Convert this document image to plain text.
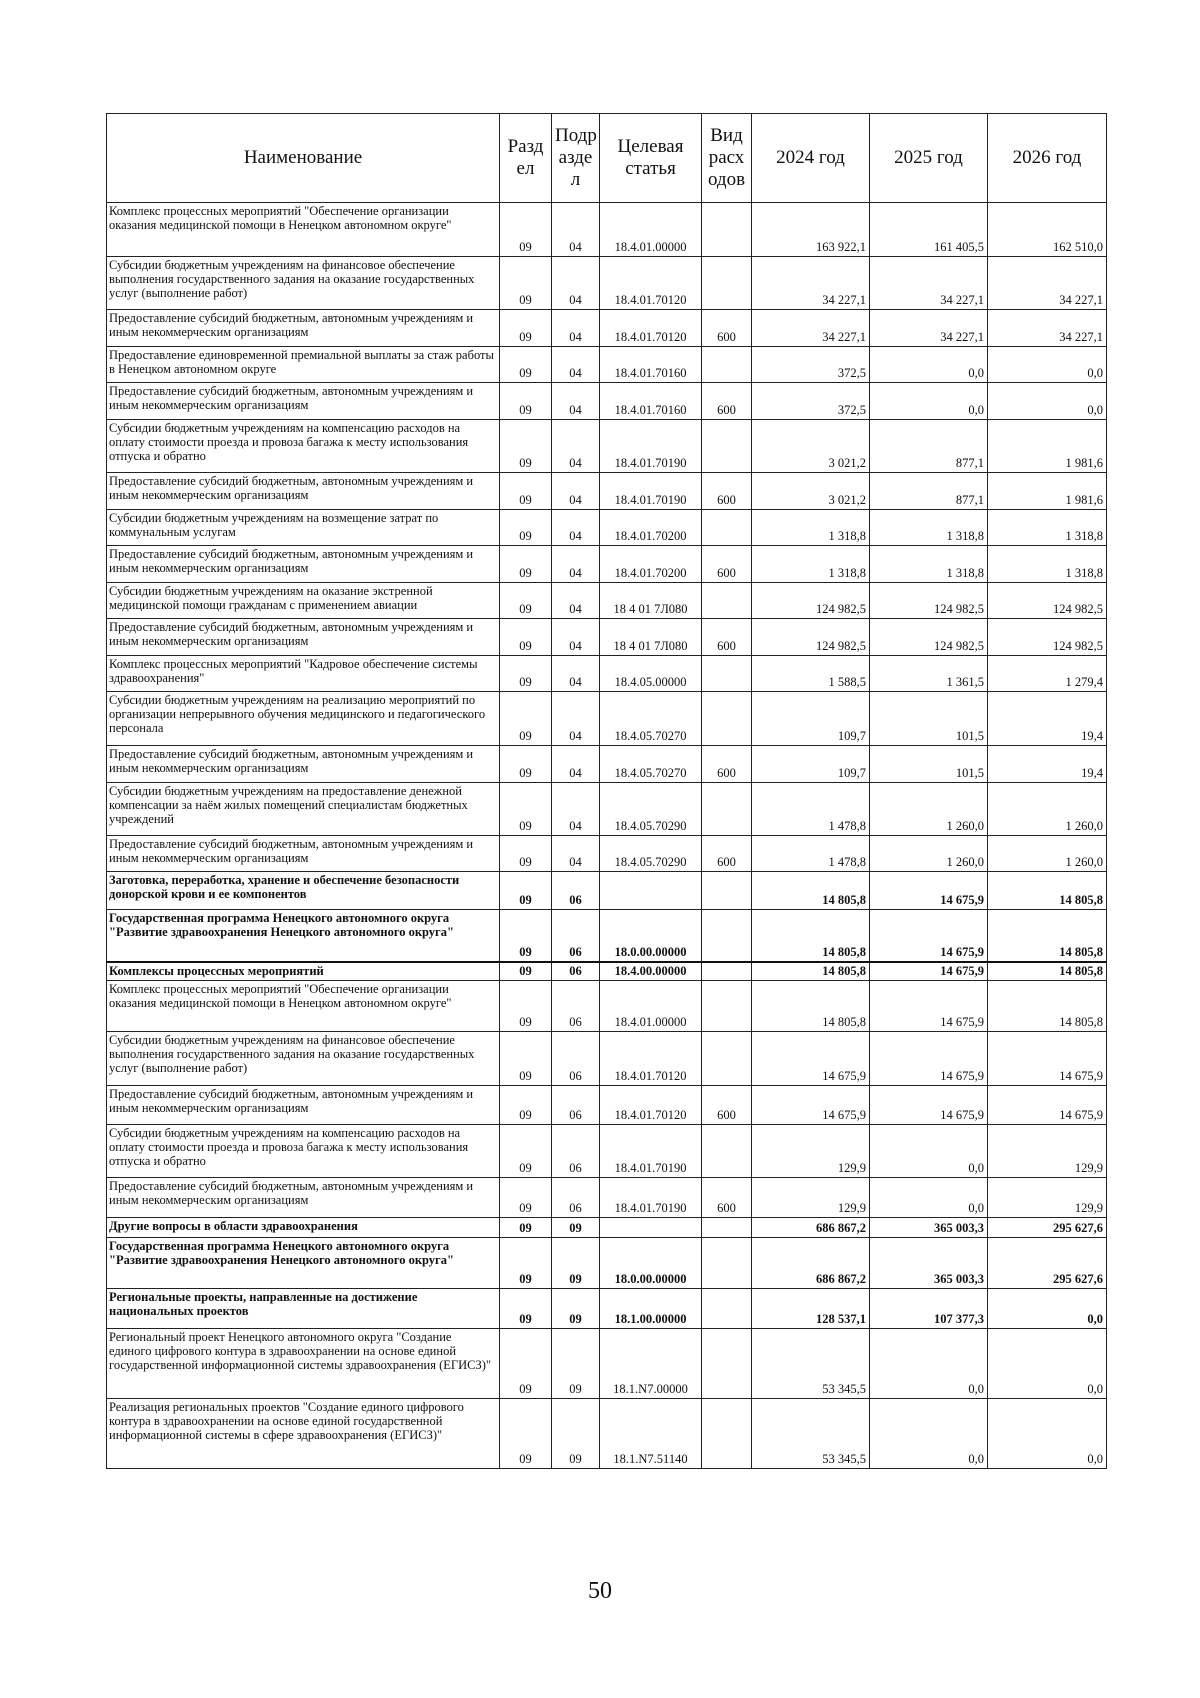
Наименование	Разд ел	Подр азде л	Целевая статья	Вид расх одов	2024 год	2025 год	2026 год
Комплекс процессных мероприятий "Обеспечение организации оказания медицинской помощи в Ненецком автономном округе"	09	04	18.4.01.00000		163 922,1	161 405,5	162 510,0
Субсидии бюджетным учреждениям на финансовое обеспечение выполнения государственного задания на оказание государственных услуг (выполнение работ)	09	04	18.4.01.70120		34 227,1	34 227,1	34 227,1
Предоставление субсидий бюджетным, автономным учреждениям и иным некоммерческим организациям	09	04	18.4.01.70120	600	34 227,1	34 227,1	34 227,1
Предоставление единовременной премиальной выплаты за стаж работы в Ненецком автономном округе	09	04	18.4.01.70160		372,5	0,0	0,0
Предоставление субсидий бюджетным, автономным учреждениям и иным некоммерческим организациям	09	04	18.4.01.70160	600	372,5	0,0	0,0
Субсидии бюджетным учреждениям на компенсацию расходов на оплату стоимости проезда и провоза багажа к месту использования отпуска и обратно	09	04	18.4.01.70190		3 021,2	877,1	1 981,6
Предоставление субсидий бюджетным, автономным учреждениям и иным некоммерческим организациям	09	04	18.4.01.70190	600	3 021,2	877,1	1 981,6
Субсидии бюджетным учреждениям на возмещение затрат по коммунальным услугам	09	04	18.4.01.70200		1 318,8	1 318,8	1 318,8
Предоставление субсидий бюджетным, автономным учреждениям и иным некоммерческим организациям	09	04	18.4.01.70200	600	1 318,8	1 318,8	1 318,8
Субсидии бюджетным учреждениям на оказание экстренной медицинской помощи гражданам с применением авиации	09	04	18 4 01 7Л080		124 982,5	124 982,5	124 982,5
Предоставление субсидий бюджетным, автономным учреждениям и иным некоммерческим организациям	09	04	18 4 01 7Л080	600	124 982,5	124 982,5	124 982,5
Комплекс процессных мероприятий "Кадровое обеспечение системы здравоохранения"	09	04	18.4.05.00000		1 588,5	1 361,5	1 279,4
Субсидии бюджетным учреждениям на реализацию мероприятий по организации непрерывного обучения медицинского и педагогического персонала	09	04	18.4.05.70270		109,7	101,5	19,4
Предоставление субсидий бюджетным, автономным учреждениям и иным некоммерческим организациям	09	04	18.4.05.70270	600	109,7	101,5	19,4
Субсидии бюджетным учреждениям на предоставление денежной компенсации за наём жилых помещений специалистам бюджетных учреждений	09	04	18.4.05.70290		1 478,8	1 260,0	1 260,0
Предоставление субсидий бюджетным, автономным учреждениям и иным некоммерческим организациям	09	04	18.4.05.70290	600	1 478,8	1 260,0	1 260,0
Заготовка, переработка, хранение и обеспечение безопасности донорской крови и ее компонентов	09	06			14 805,8	14 675,9	14 805,8
Государственная программа Ненецкого автономного округа "Развитие здравоохранения Ненецкого автономного округа"	09	06	18.0.00.00000		14 805,8	14 675,9	14 805,8
Комплексы процессных мероприятий	09	06	18.4.00.00000		14 805,8	14 675,9	14 805,8
Комплекс процессных мероприятий "Обеспечение организации оказания медицинской помощи в Ненецком автономном округе"	09	06	18.4.01.00000		14 805,8	14 675,9	14 805,8
Субсидии бюджетным учреждениям на финансовое обеспечение выполнения государственного задания на оказание государственных услуг (выполнение работ)	09	06	18.4.01.70120		14 675,9	14 675,9	14 675,9
Предоставление субсидий бюджетным, автономным учреждениям и иным некоммерческим организациям	09	06	18.4.01.70120	600	14 675,9	14 675,9	14 675,9
Субсидии бюджетным учреждениям на компенсацию расходов на оплату стоимости проезда и провоза багажа к месту использования отпуска и обратно	09	06	18.4.01.70190		129,9	0,0	129,9
Предоставление субсидий бюджетным, автономным учреждениям и иным некоммерческим организациям	09	06	18.4.01.70190	600	129,9	0,0	129,9
Другие вопросы в области здравоохранения	09	09			686 867,2	365 003,3	295 627,6
Государственная программа Ненецкого автономного округа "Развитие здравоохранения Ненецкого автономного округа"	09	09	18.0.00.00000		686 867,2	365 003,3	295 627,6
Региональные проекты, направленные на достижение национальных проектов	09	09	18.1.00.00000		128 537,1	107 377,3	0,0
Региональный проект Ненецкого автономного округа "Создание единого цифрового контура в здравоохранении на основе единой государственной информационной системы здравоохранения (ЕГИСЗ)"	09	09	18.1.N7.00000		53 345,5	0,0	0,0
Реализация региональных проектов "Создание единого цифрового контура в здравоохранении на основе единой государственной информационной системы в сфере здравоохранения (ЕГИСЗ)"	09	09	18.1.N7.51140		53 345,5	0,0	0,0
50
